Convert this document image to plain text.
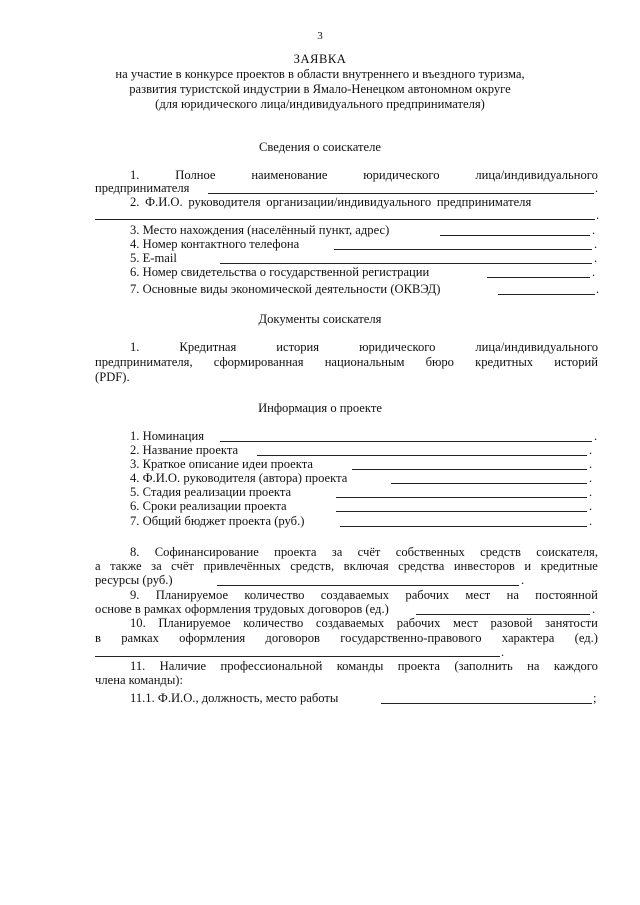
3
ЗАЯВКА
на участие в конкурсе проектов в области внутреннего и въездного туризма,
развития туристской индустрии в Ямало-Ненецком автономном округе
(для юридического лица/индивидуального предпринимателя)
Сведения о соискателе
1.	Полное	наименование	юридического	лица/индивидуального
предпринимателя	.
2. Ф.И.О. руководителя организации/индивидуального предпринимателя
.
3. Место нахождения (населённый пункт, адрес)	.
4. Номер контактного телефона	.
5. E-mail	.
6. Номер свидетельства о государственной регистрации	.
7. Основные виды экономической деятельности (ОКВЭД)	.
Документы соискателя
1.	Кредитная	история	юридического	лица/индивидуального
предпринимателя, сформированная национальным бюро кредитных историй
(PDF).
Информация о проекте
1. Номинация	.
2. Название проекта	.
3. Краткое описание идеи проекта	.
4. Ф.И.О. руководителя (автора) проекта	.
5. Стадия реализации проекта	.
6. Сроки реализации проекта	.
7. Общий бюджет проекта (руб.)	.
8. Софинансирование проекта за счёт собственных средств соискателя,
а также за счёт привлечённых средств, включая средства инвесторов и кредитные
ресурсы (руб.)	.
9. Планируемое количество создаваемых рабочих мест на постоянной
основе в рамках оформления трудовых договоров (ед.)	.
10. Планируемое количество создаваемых рабочих мест разовой занятости
в рамках оформления договоров государственно-правового характера (ед.)
.
11. Наличие профессиональной команды проекта (заполнить на каждого
члена команды):
11.1. Ф.И.О., должность, место работы	;
